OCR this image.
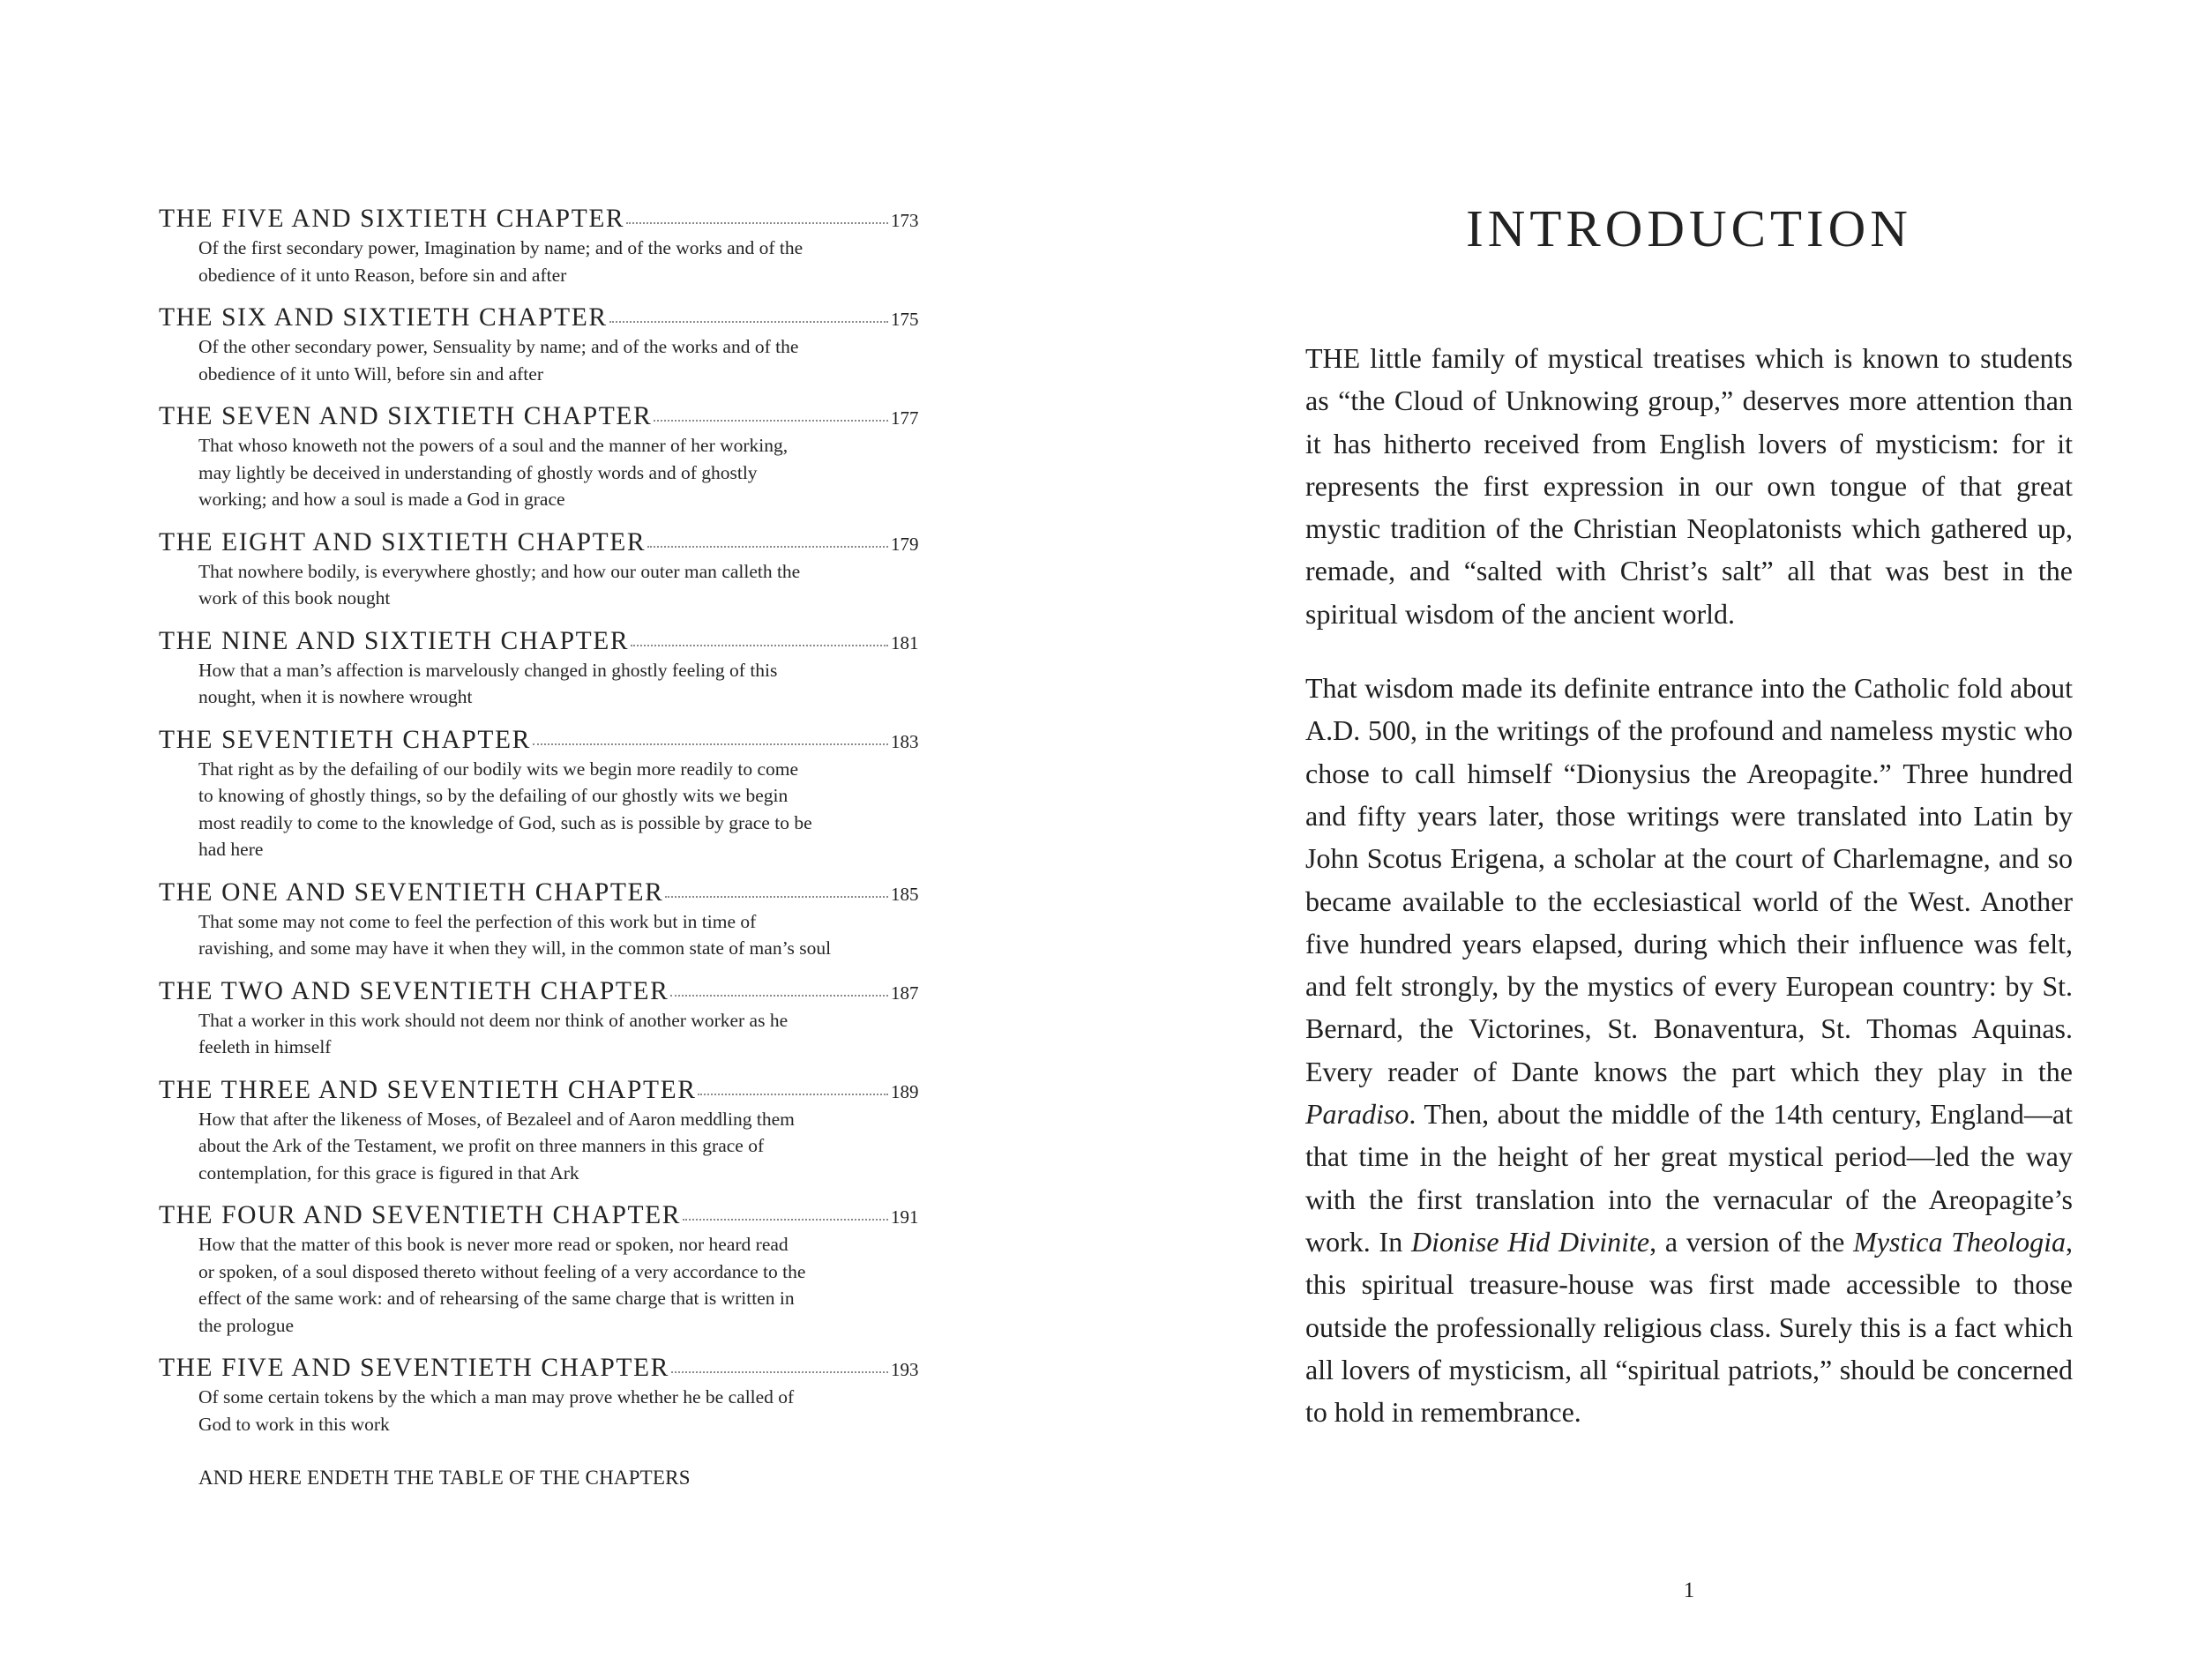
THE FIVE AND SIXTIETH CHAPTER	173
Of the first secondary power, Imagination by name; and of the works and of the
obedience of it unto Reason, before sin and after
THE SIX AND SIXTIETH CHAPTER	175
Of the other secondary power, Sensuality by name; and of the works and of the
obedience of it unto Will, before sin and after
THE SEVEN AND SIXTIETH CHAPTER	177
That whoso knoweth not the powers of a soul and the manner of her working,
may lightly be deceived in understanding of ghostly words and of ghostly
working; and how a soul is made a God in grace
THE EIGHT AND SIXTIETH CHAPTER	179
That nowhere bodily, is everywhere ghostly; and how our outer man calleth the
work of this book nought
THE NINE AND SIXTIETH CHAPTER	181
How that a man’s affection is marvelously changed in ghostly feeling of this
nought, when it is nowhere wrought
THE SEVENTIETH CHAPTER	183
That right as by the defailing of our bodily wits we begin more readily to come
to knowing of ghostly things, so by the defailing of our ghostly wits we begin
most readily to come to the knowledge of God, such as is possible by grace to be
had here
THE ONE AND SEVENTIETH CHAPTER	185
That some may not come to feel the perfection of this work but in time of
ravishing, and some may have it when they will, in the common state of man’s soul
THE TWO AND SEVENTIETH CHAPTER	187
That a worker in this work should not deem nor think of another worker as he
feeleth in himself
THE THREE AND SEVENTIETH CHAPTER	189
How that after the likeness of Moses, of Bezaleel and of Aaron meddling them
about the Ark of the Testament, we profit on three manners in this grace of
contemplation, for this grace is figured in that Ark
THE FOUR AND SEVENTIETH CHAPTER	191
How that the matter of this book is never more read or spoken, nor heard read
or spoken, of a soul disposed thereto without feeling of a very accordance to the
effect of the same work: and of rehearsing of the same charge that is written in
the prologue
THE FIVE AND SEVENTIETH CHAPTER	193
Of some certain tokens by the which a man may prove whether he be called of
God to work in this work
AND HERE ENDETH THE TABLE OF THE CHAPTERS
INTRODUCTION

THE little family of mystical treatises which is known to students as “the Cloud of Unknowing group,” deserves more attention than it has hitherto received from English lovers of mysticism: for it represents the first expression in our own tongue of that great mystic tradition of the Christian Neoplatonists which gathered up, remade, and “salted with Christ’s salt” all that was best in the spiritual wisdom of the ancient world.

That wisdom made its definite entrance into the Catholic fold about A.D. 500, in the writings of the profound and nameless mystic who chose to call himself “Dionysius the Areopagite.” Three hundred and fifty years later, those writings were translated into Latin by John Scotus Erigena, a scholar at the court of Charlemagne, and so became available to the ecclesiastical world of the West. Another five hundred years elapsed, during which their influence was felt, and felt strongly, by the mystics of every European country: by St. Bernard, the Victorines, St. Bonaventura, St. Thomas Aquinas. Every reader of Dante knows the part which they play in the Paradiso. Then, about the middle of the 14th century, England—at that time in the height of her great mystical period—led the way with the first translation into the vernacular of the Areopagite’s work. In Dionise Hid Divinite, a version of the Mystica Theologia, this spiritual treasure-house was first made accessible to those outside the professionally religious class. Surely this is a fact which all lovers of mysticism, all “spiritual patriots,” should be concerned to hold in remembrance.

1
